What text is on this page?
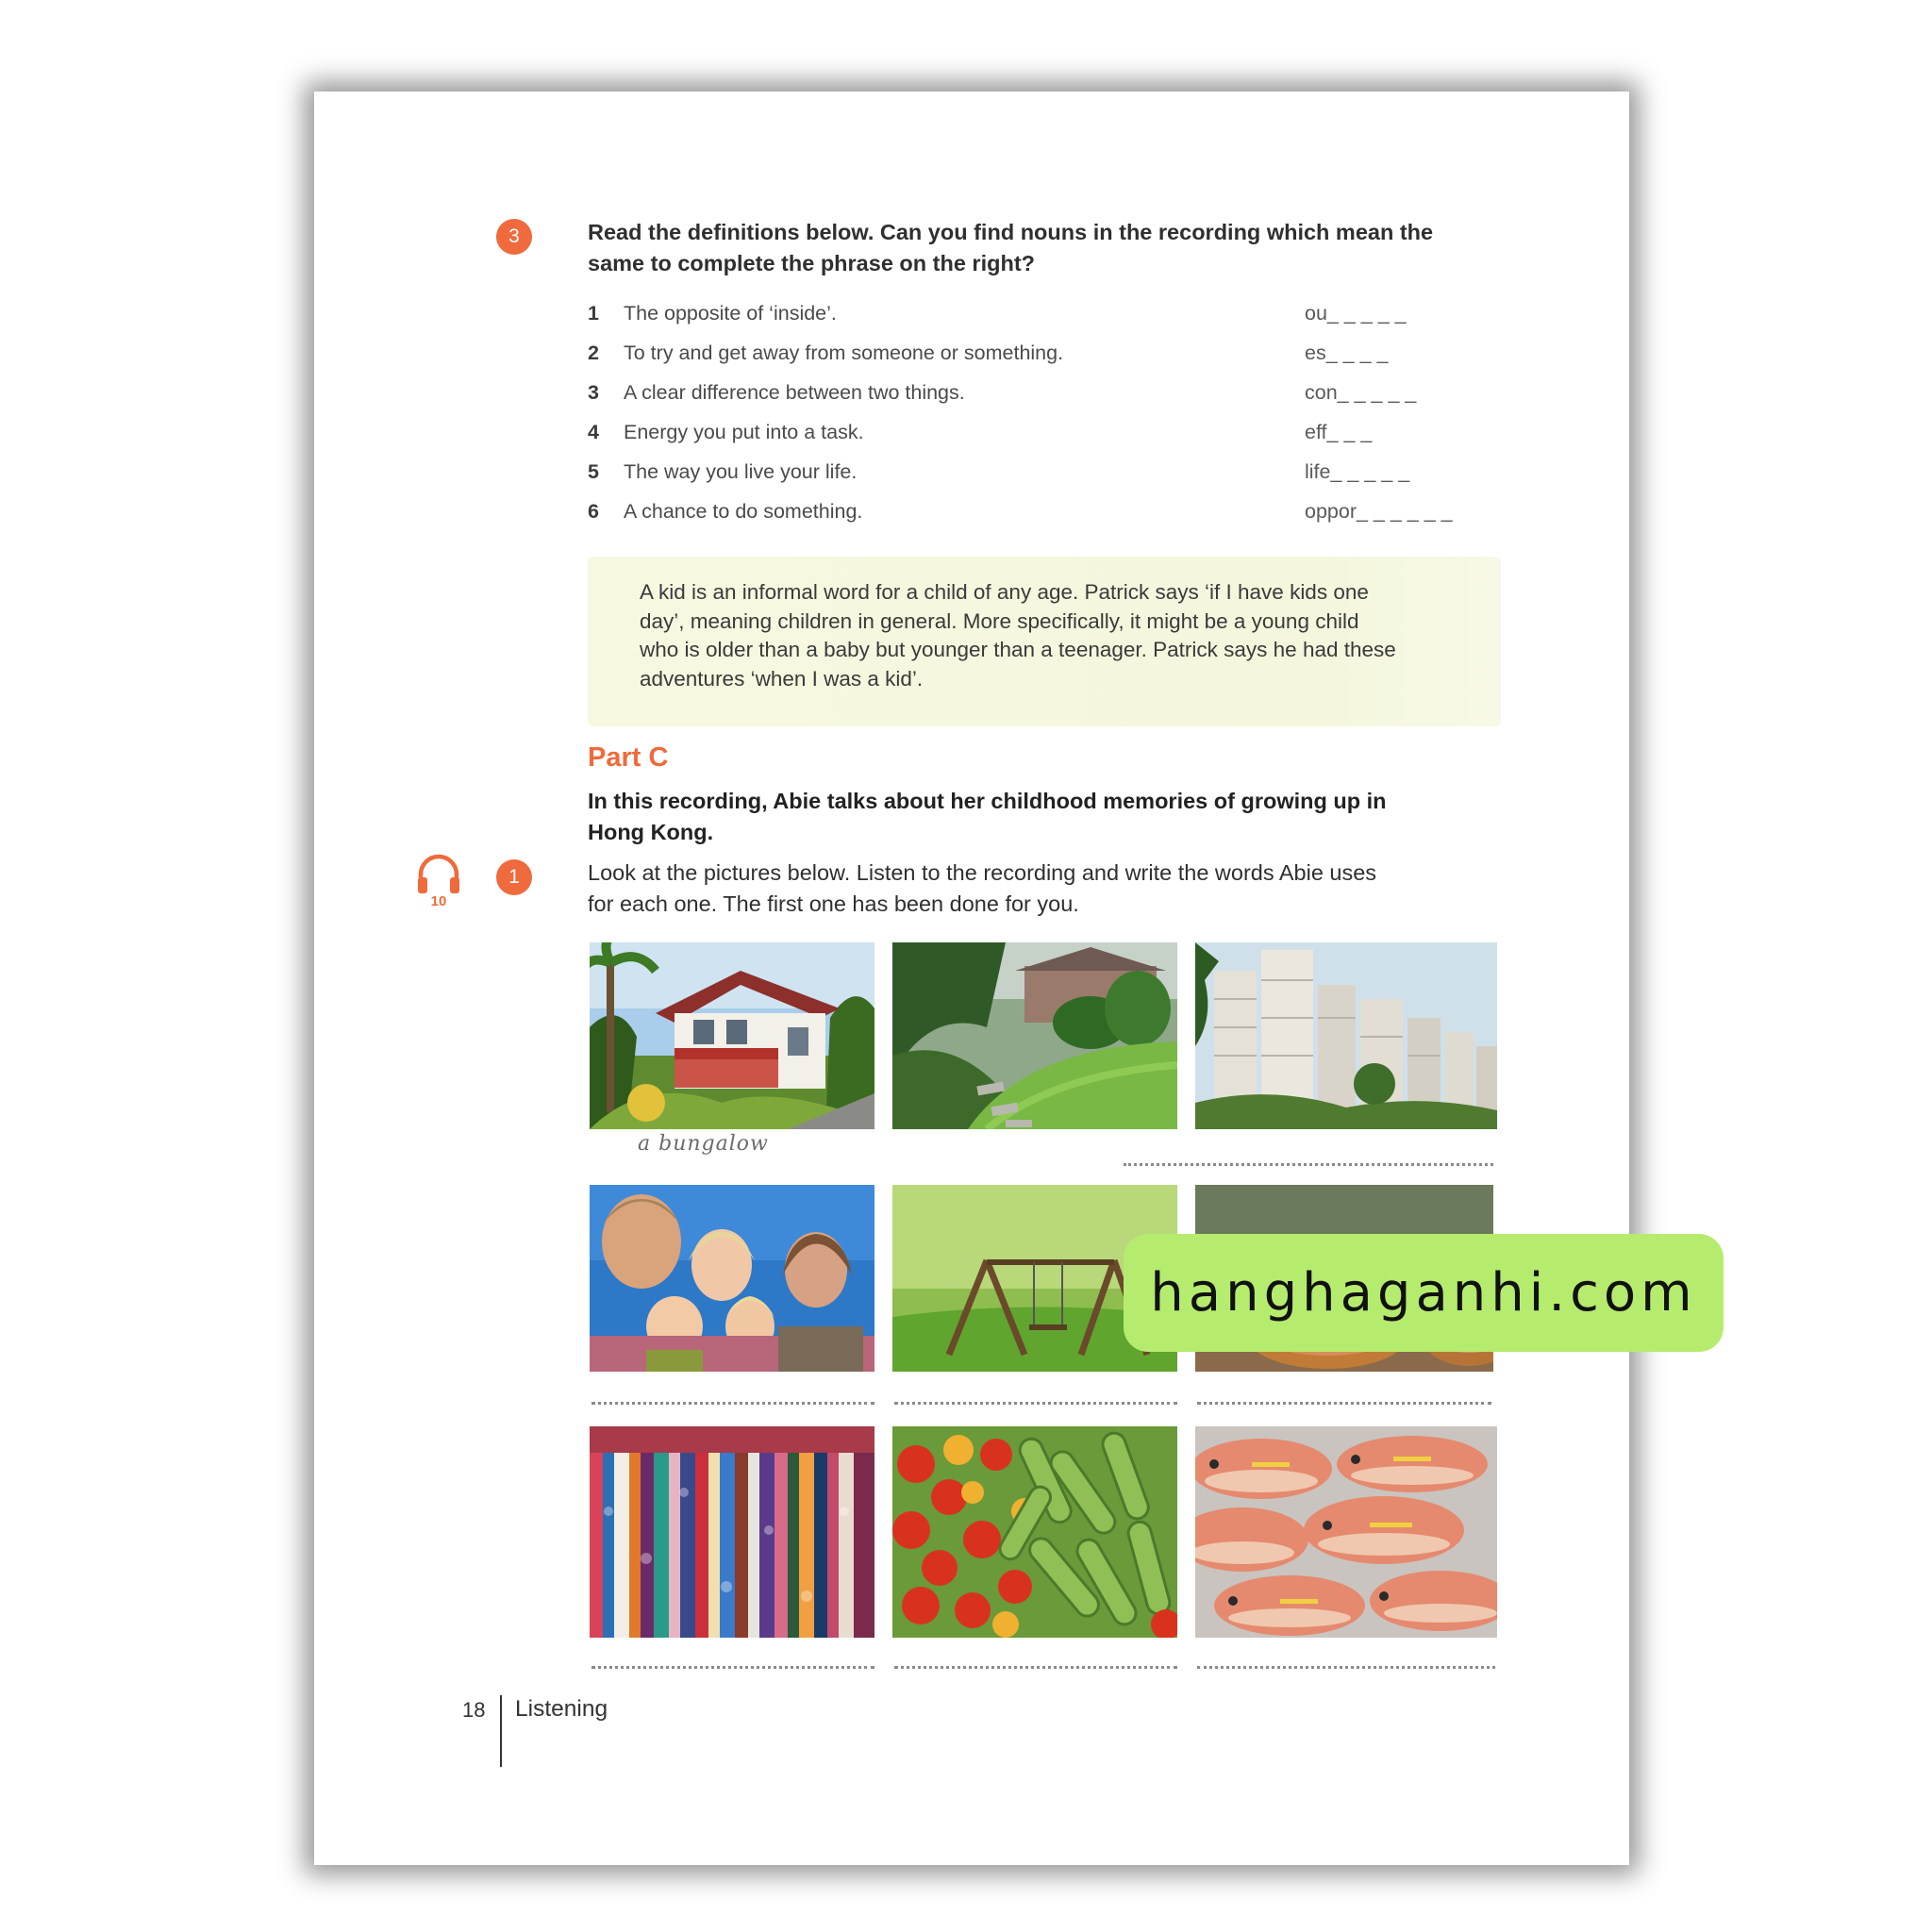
3	Read the definitions below. Can you find nouns in the recording which mean the
same to complete the phrase on the right?
1 The opposite of ‘inside’.	ou_ _ _ _ _
2 To try and get away from someone or something.	es_ _ _ _
3 A clear difference between two things.	con_ _ _ _ _
4 Energy you put into a task.	eff_ _ _
5 The way you live your life.	life_ _ _ _ _
6 A chance to do something.	oppor_ _ _ _ _ _
A kid is an informal word for a child of any age. Patrick says ‘if I have kids one
day’, meaning children in general. More specifically, it might be a young child
who is older than a baby but younger than a teenager. Patrick says he had these
adventures ‘when I was a kid’.
Part C
In this recording, Abie talks about her childhood memories of growing up in
Hong Kong.
10
1	Look at the pictures below. Listen to the recording and write the words Abie uses
for each one. The first one has been done for you.
a bungalow
hanghaganhi.com
18 Listening
